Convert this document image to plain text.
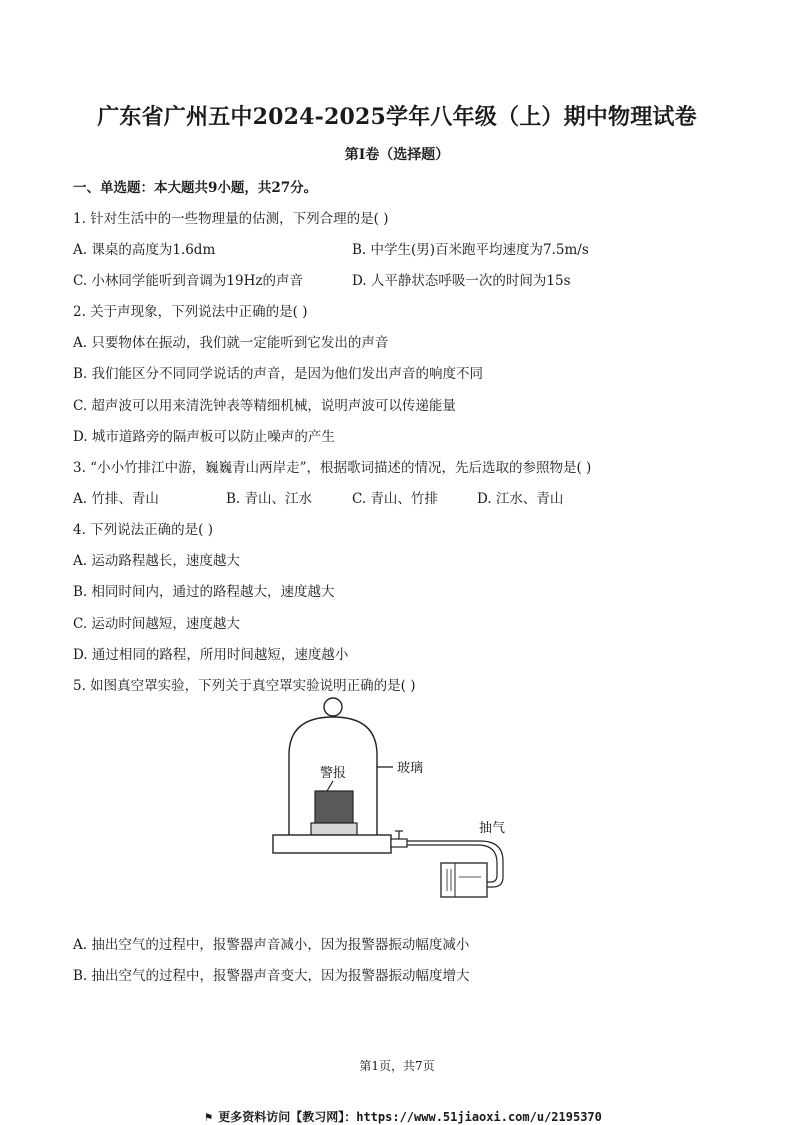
广东省广州五中2024-2025学年八年级（上）期中物理试卷
第I卷（选择题）
一、单选题：本大题共9小题，共27分。
1. 针对生活中的一些物理量的估测，下列合理的是( )
A. 课桌的高度为1.6dm	B. 中学生(男)百米跑平均速度为7.5m/s
C. 小林同学能听到音调为19Hz的声音	D. 人平静状态呼吸一次的时间为15s
2. 关于声现象，下列说法中正确的是( )
A. 只要物体在振动，我们就一定能听到它发出的声音
B. 我们能区分不同同学说话的声音，是因为他们发出声音的响度不同
C. 超声波可以用来清洗钟表等精细机械，说明声波可以传递能量
D. 城市道路旁的隔声板可以防止噪声的产生
3. “小小竹排江中游，巍巍青山两岸走”，根据歌词描述的情况，先后选取的参照物是( )
A. 竹排、青山	B. 青山、江水	C. 青山、竹排	D. 江水、青山
4. 下列说法正确的是( )
A. 运动路程越长，速度越大
B. 相同时间内，通过的路程越大，速度越大
C. 运动时间越短，速度越大
D. 通过相同的路程，所用时间越短，速度越小
5. 如图真空罩实验，下列关于真空罩实验说明正确的是( )
玻璃
警报
抽气
A. 抽出空气的过程中，报警器声音减小，因为报警器振动幅度减小
B. 抽出空气的过程中，报警器声音变大，因为报警器振动幅度增大
第1页，共7页
⚑ 更多资料访问【教习网】：https://www.51jiaoxi.com/u/2195370
